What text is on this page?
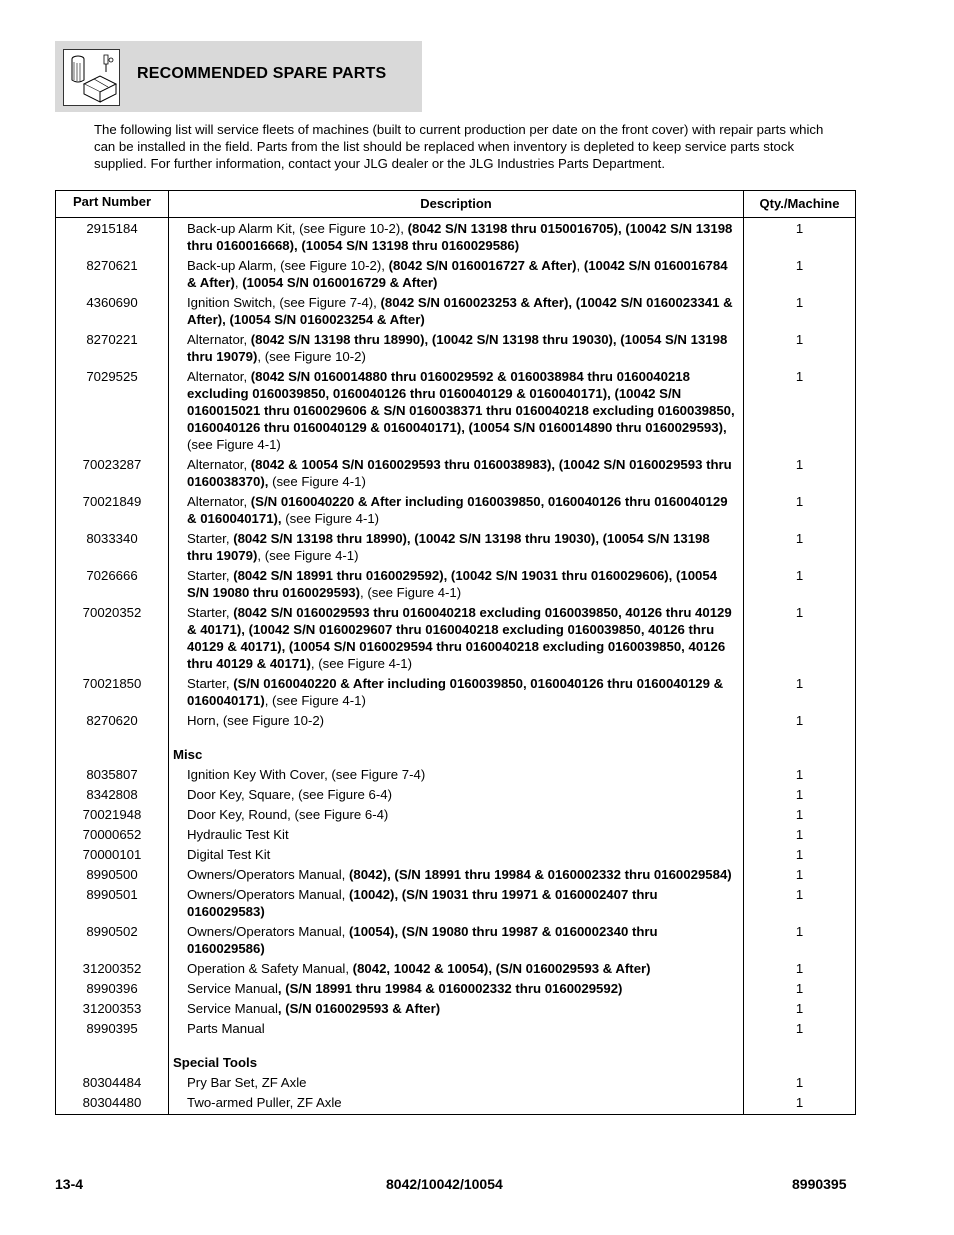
RECOMMENDED SPARE PARTS
The following list will service fleets of machines (built to current production per date on the front cover) with repair parts which can be installed in the field. Parts from the list should be replaced when inventory is depleted to keep service parts stock supplied. For further information, contact your JLG dealer or the JLG Industries Parts Department.
Part Number	Description	Qty./Machine
2915184	Back-up Alarm Kit, (see Figure 10-2), (8042 S/N 13198 thru 0150016705), (10042 S/N 13198 thru 0160016668), (10054 S/N 13198 thru 0160029586)	1
8270621	Back-up Alarm, (see Figure 10-2), (8042 S/N 0160016727 & After), (10042 S/N 0160016784 & After), (10054 S/N 0160016729 & After)	1
4360690	Ignition Switch, (see Figure 7-4), (8042 S/N 0160023253 & After), (10042 S/N 0160023341 & After), (10054 S/N 0160023254 & After)	1
8270221	Alternator, (8042 S/N 13198 thru 18990), (10042 S/N 13198 thru 19030), (10054 S/N 13198 thru 19079), (see Figure 10-2)	1
7029525	Alternator, (8042 S/N 0160014880 thru 0160029592 & 0160038984 thru 0160040218 excluding 0160039850, 0160040126 thru 0160040129 & 0160040171), (10042 S/N 0160015021 thru 0160029606 & S/N 0160038371 thru 0160040218 excluding 0160039850, 0160040126 thru 0160040129 & 0160040171), (10054 S/N 0160014890 thru 0160029593), (see Figure 4-1)	1
70023287	Alternator, (8042 & 10054 S/N 0160029593 thru 0160038983), (10042 S/N 0160029593 thru 0160038370), (see Figure 4-1)	1
70021849	Alternator, (S/N 0160040220 & After including 0160039850, 0160040126 thru 0160040129 & 0160040171), (see Figure 4-1)	1
8033340	Starter, (8042 S/N 13198 thru 18990), (10042 S/N 13198 thru 19030), (10054 S/N 13198 thru 19079), (see Figure 4-1)	1
7026666	Starter, (8042 S/N 18991 thru 0160029592), (10042 S/N 19031 thru 0160029606), (10054 S/N 19080 thru 0160029593), (see Figure 4-1)	1
70020352	Starter, (8042 S/N 0160029593 thru 0160040218 excluding 0160039850, 40126 thru 40129 & 40171), (10042 S/N 0160029607 thru 0160040218 excluding 0160039850, 40126 thru 40129 & 40171), (10054 S/N 0160029594 thru 0160040218 excluding 0160039850, 40126 thru 40129 & 40171), (see Figure 4-1)	1
70021850	Starter, (S/N 0160040220 & After including 0160039850, 0160040126 thru 0160040129 & 0160040171), (see Figure 4-1)	1
8270620	Horn, (see Figure 10-2)	1
	Misc	
8035807	Ignition Key With Cover, (see Figure 7-4)	1
8342808	Door Key, Square, (see Figure 6-4)	1
70021948	Door Key, Round, (see Figure 6-4)	1
70000652	Hydraulic Test Kit	1
70000101	Digital Test Kit	1
8990500	Owners/Operators Manual, (8042), (S/N 18991 thru 19984 & 0160002332 thru 0160029584)	1
8990501	Owners/Operators Manual, (10042), (S/N 19031 thru 19971 & 0160002407 thru 0160029583)	1
8990502	Owners/Operators Manual, (10054), (S/N 19080 thru 19987 & 0160002340 thru 0160029586)	1
31200352	Operation & Safety Manual, (8042, 10042 & 10054), (S/N 0160029593 & After)	1
8990396	Service Manual, (S/N 18991 thru 19984 & 0160002332 thru 0160029592)	1
31200353	Service Manual, (S/N 0160029593 & After)	1
8990395	Parts Manual	1
	Special Tools	
80304484	Pry Bar Set, ZF Axle	1
80304480	Two-armed Puller, ZF Axle	1
13-4	8042/10042/10054	8990395
